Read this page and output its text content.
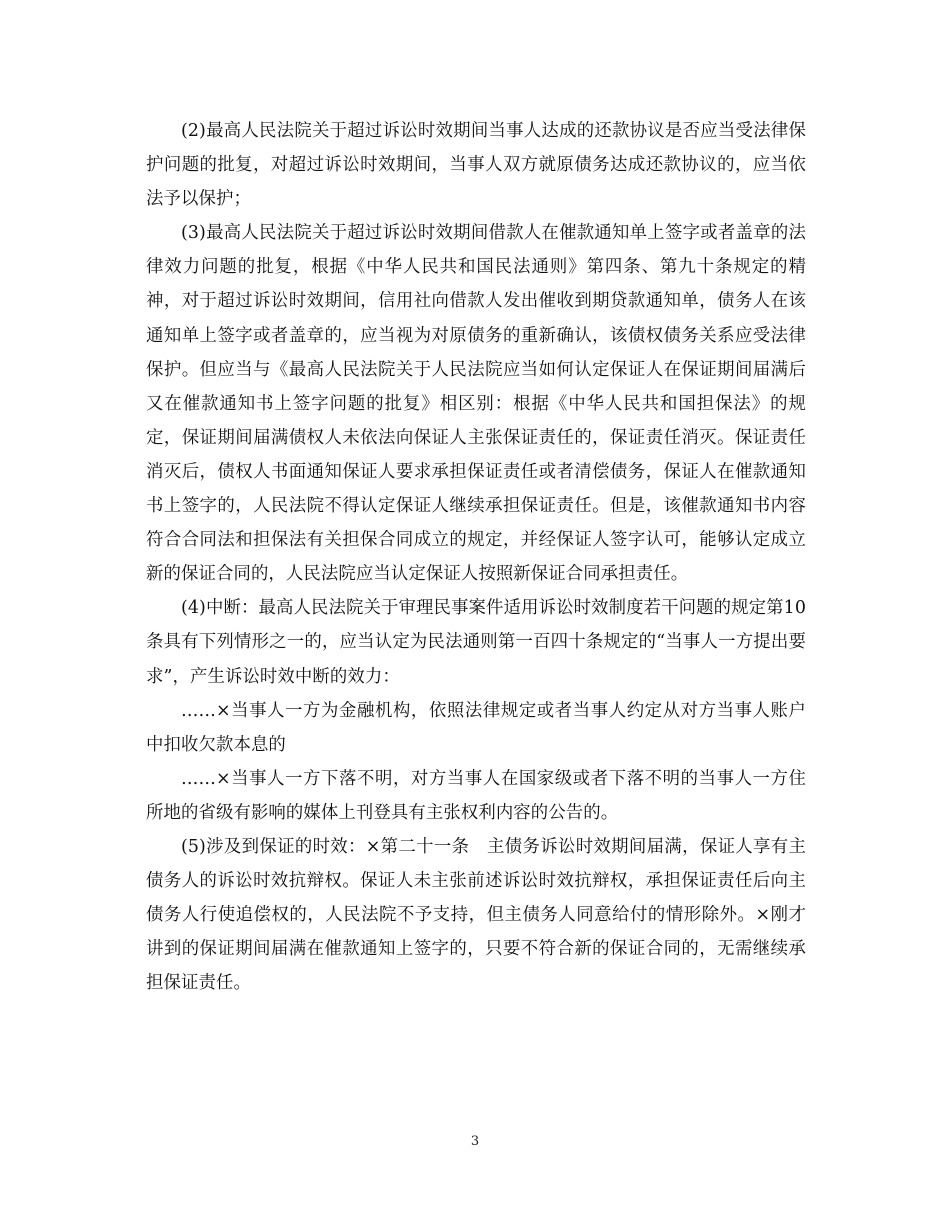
(2)最高人民法院关于超过诉讼时效期间当事人达成的还款协议是否应当受法律保护问题的批复，对超过诉讼时效期间，当事人双方就原债务达成还款协议的，应当依法予以保护；

(3)最高人民法院关于超过诉讼时效期间借款人在催款通知单上签字或者盖章的法律效力问题的批复，根据《中华人民共和国民法通则》第四条、第九十条规定的精神，对于超过诉讼时效期间，信用社向借款人发出催收到期贷款通知单，债务人在该通知单上签字或者盖章的，应当视为对原债务的重新确认，该债权债务关系应受法律保护。但应当与《最高人民法院关于人民法院应当如何认定保证人在保证期间届满后又在催款通知书上签字问题的批复》相区别：根据《中华人民共和国担保法》的规定，保证期间届满债权人未依法向保证人主张保证责任的，保证责任消灭。保证责任消灭后，债权人书面通知保证人要求承担保证责任或者清偿债务，保证人在催款通知书上签字的，人民法院不得认定保证人继续承担保证责任。但是，该催款通知书内容符合合同法和担保法有关担保合同成立的规定，并经保证人签字认可，能够认定成立新的保证合同的，人民法院应当认定保证人按照新保证合同承担责任。

(4)中断：最高人民法院关于审理民事案件适用诉讼时效制度若干问题的规定第10条具有下列情形之一的，应当认定为民法通则第一百四十条规定的“当事人一方提出要求”，产生诉讼时效中断的效力：

……×当事人一方为金融机构，依照法律规定或者当事人约定从对方当事人账户中扣收欠款本息的

……×当事人一方下落不明，对方当事人在国家级或者下落不明的当事人一方住所地的省级有影响的媒体上刊登具有主张权利内容的公告的。

(5)涉及到保证的时效：×第二十一条　主债务诉讼时效期间届满，保证人享有主债务人的诉讼时效抗辩权。保证人未主张前述诉讼时效抗辩权，承担保证责任后向主债务人行使追偿权的，人民法院不予支持，但主债务人同意给付的情形除外。×刚才讲到的保证期间届满在催款通知上签字的，只要不符合新的保证合同的，无需继续承担保证责任。

3
